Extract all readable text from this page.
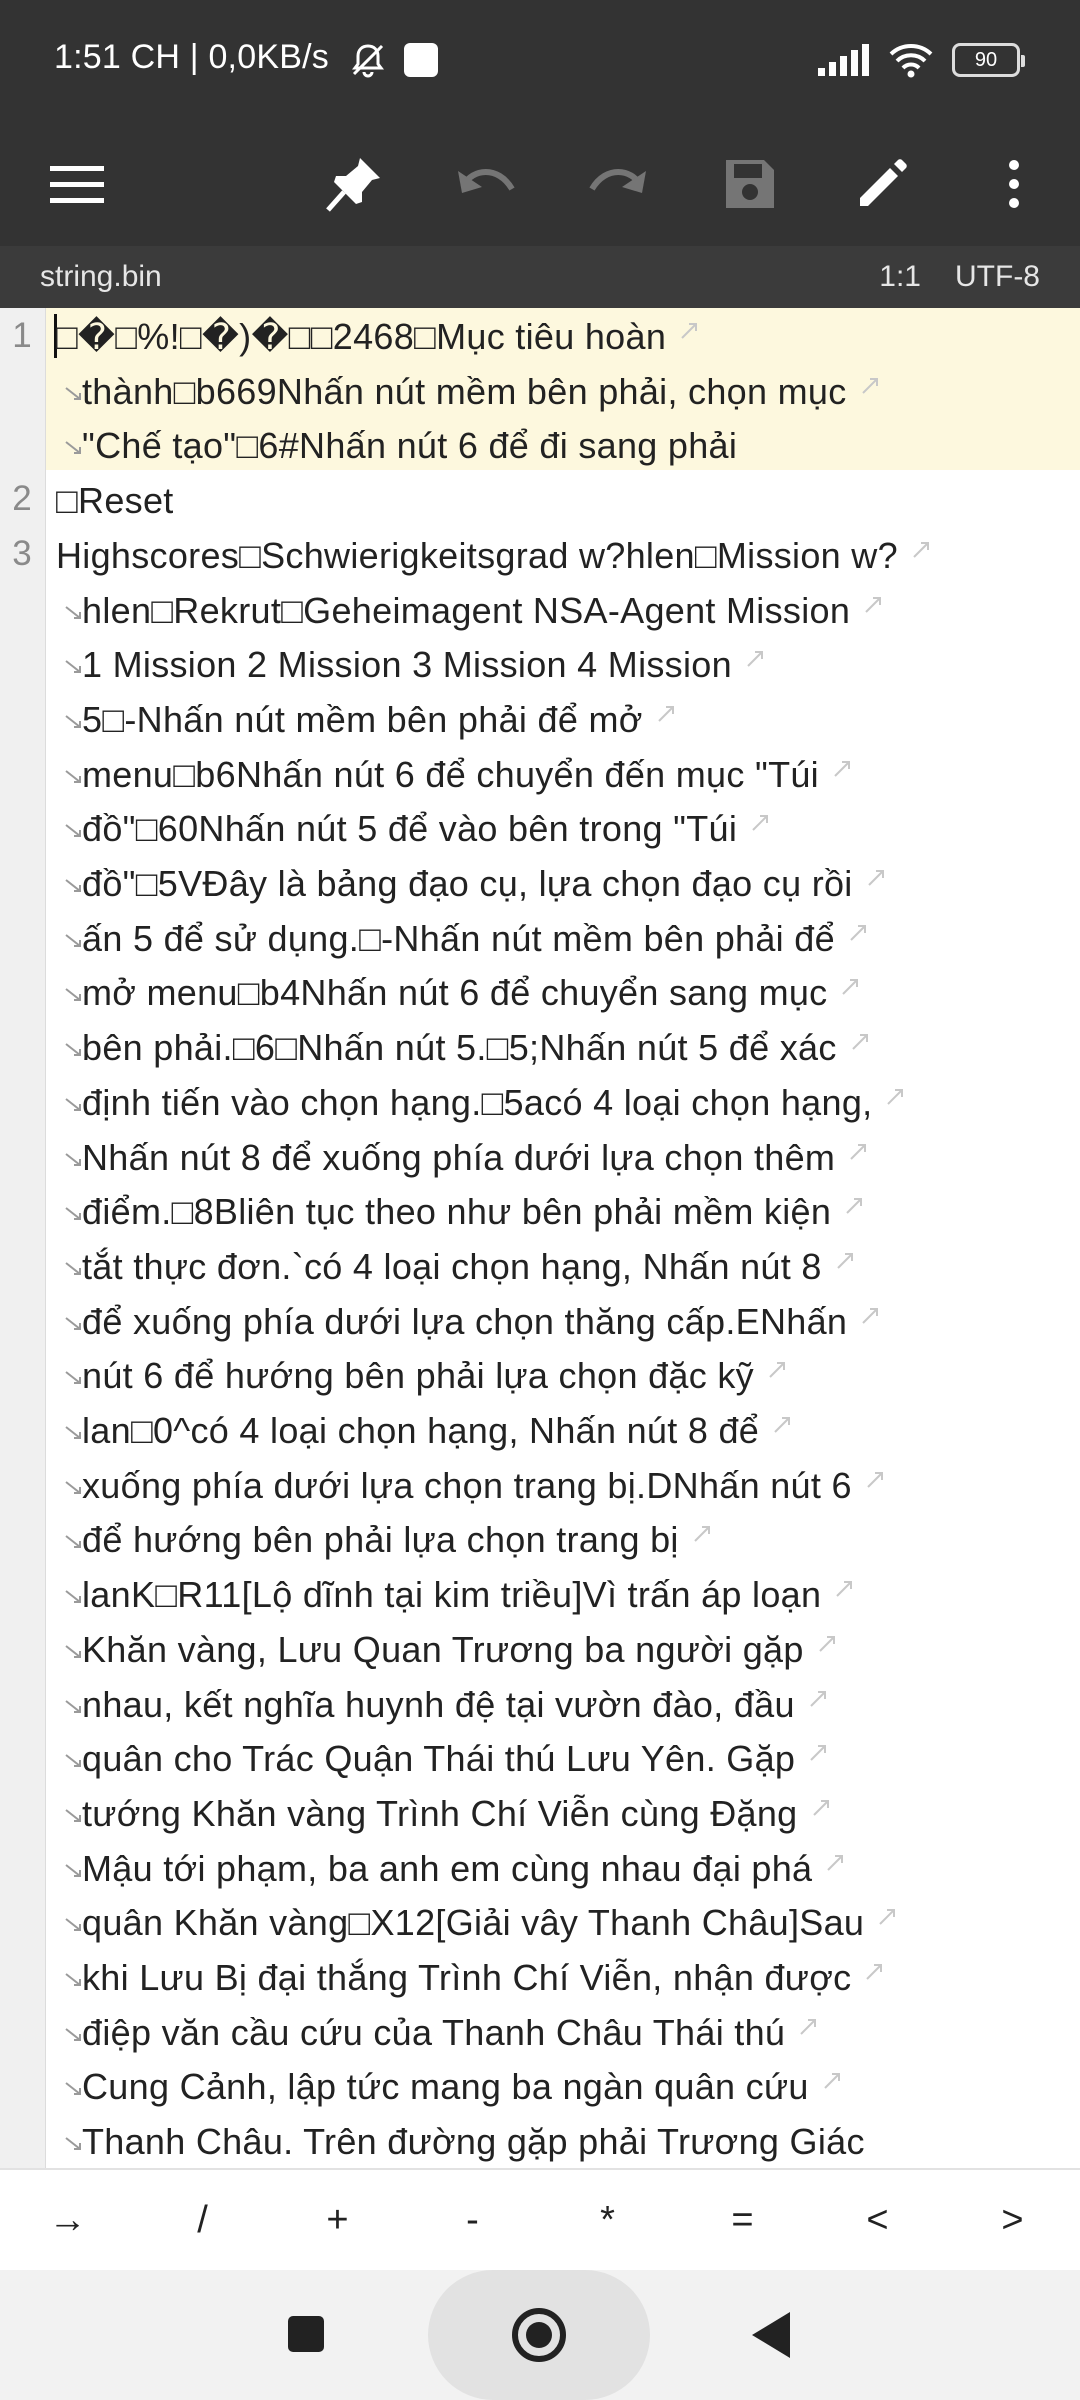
1:51 CH | 0,0KB/s	90
string.bin	1:1 UTF-8
1
2
3
□�□%!□�)�□□2468□Mục tiêu hoàn
thành□b669Nhấn nút mềm bên phải, chọn mục
"Chế tạo"□6#Nhấn nút 6 để đi sang phải
□Reset
Highscores□Schwierigkeitsgrad w?hlen□Mission w?
hlen□Rekrut□Geheimagent NSA-Agent Mission
1 Mission 2 Mission 3 Mission 4 Mission
5□-Nhấn nút mềm bên phải để mở
menu□b6Nhấn nút 6 để chuyển đến mục "Túi
đồ"□60Nhấn nút 5 để vào bên trong "Túi
đồ"□5VĐây là bảng đạo cụ, lựa chọn đạo cụ rồi
ấn 5 để sử dụng.□-Nhấn nút mềm bên phải để
mở menu□b4Nhấn nút 6 để chuyển sang mục
bên phải.□6□Nhấn nút 5.□5;Nhấn nút 5 để xác
định tiến vào chọn hạng.□5acó 4 loại chọn hạng,
Nhấn nút 8 để xuống phía dưới lựa chọn thêm
điểm.□8Bliên tục theo như bên phải mềm kiện
tắt thực đơn.`có 4 loại chọn hạng, Nhấn nút 8
để xuống phía dưới lựa chọn thăng cấp.ENhấn
nút 6 để hướng bên phải lựa chọn đặc kỹ
lan□0^có 4 loại chọn hạng, Nhấn nút 8 để
xuống phía dưới lựa chọn trang bị.DNhấn nút 6
để hướng bên phải lựa chọn trang bị
lanK□R11[Lộ dĩnh tại kim triều]Vì trấn áp loạn
Khăn vàng, Lưu Quan Trương ba người gặp
nhau, kết nghĩa huynh đệ tại vườn đào, đầu
quân cho Trác Quận Thái thú Lưu Yên. Gặp
tướng Khăn vàng Trình Chí Viễn cùng Đặng
Mậu tới phạm, ba anh em cùng nhau đại phá
quân Khăn vàng□X12[Giải vây Thanh Châu]Sau
khi Lưu Bị đại thắng Trình Chí Viễn, nhận được
điệp văn cầu cứu của Thanh Châu Thái thú
Cung Cảnh, lập tức mang ba ngàn quân cứu
Thanh Châu. Trên đường gặp phải Trương Giác
→	/	+	-	*	=	<	>
